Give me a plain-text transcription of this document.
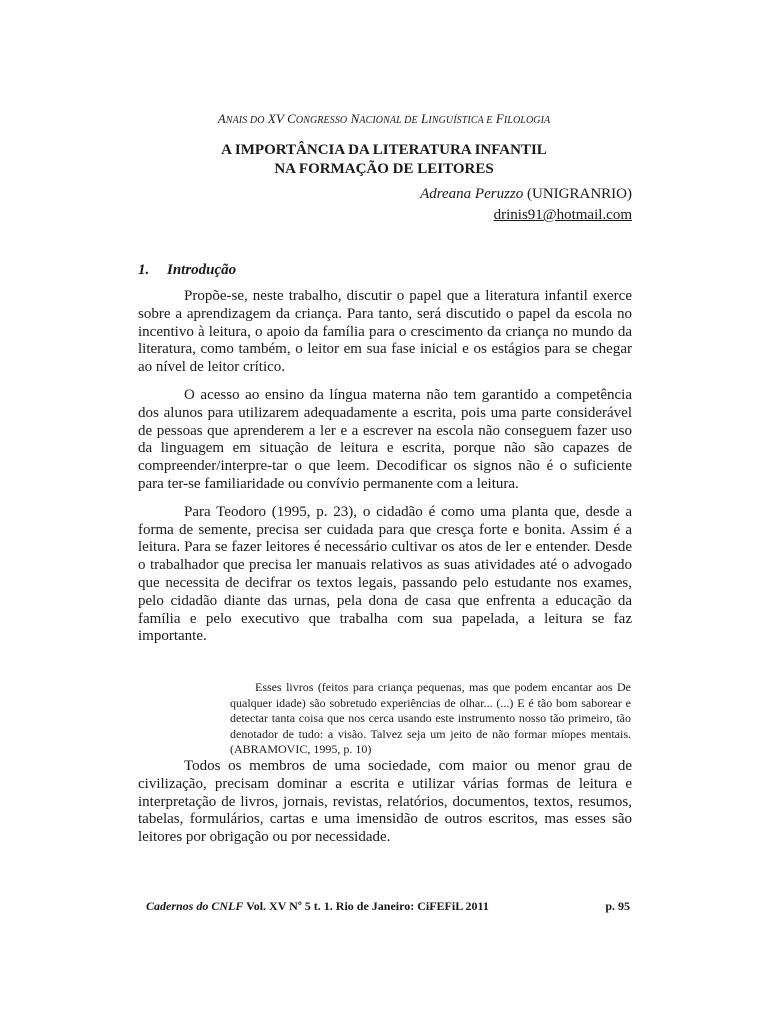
ANAIS DO XV CONGRESSO NACIONAL DE LINGUÍSTICA E FILOLOGIA
A IMPORTÂNCIA DA LITERATURA INFANTIL
NA FORMAÇÃO DE LEITORES
Adreana Peruzzo (UNIGRANRIO)
drinis91@hotmail.com
1. Introdução

Propõe-se, neste trabalho, discutir o papel que a literatura infantil exerce sobre a aprendizagem da criança. Para tanto, será discutido o papel da escola no incentivo à leitura, o apoio da família para o crescimento da criança no mundo da literatura, como também, o leitor em sua fase inicial e os estágios para se chegar ao nível de leitor crítico.

O acesso ao ensino da língua materna não tem garantido a competência dos alunos para utilizarem adequadamente a escrita, pois uma parte considerável de pessoas que aprenderem a ler e a escrever na escola não conseguem fazer uso da linguagem em situação de leitura e escrita, porque não são capazes de compreender/interpre-tar o que leem. Decodificar os signos não é o suficiente para ter-se familiaridade ou convívio permanente com a leitura.

Para Teodoro (1995, p. 23), o cidadão é como uma planta que, desde a forma de semente, precisa ser cuidada para que cresça forte e bonita. Assim é a leitura. Para se fazer leitores é necessário cultivar os atos de ler e entender. Desde o trabalhador que precisa ler manuais relativos as suas atividades até o advogado que necessita de decifrar os textos legais, passando pelo estudante nos exames, pelo cidadão diante das urnas, pela dona de casa que enfrenta a educação da família e pelo executivo que trabalha com sua papelada, a leitura se faz importante.

Esses livros (feitos para criança pequenas, mas que podem encantar aos De qualquer idade) são sobretudo experiências de olhar... (...) E é tão bom saborear e detectar tanta coisa que nos cerca usando este instrumento nosso tão primeiro, tão denotador de tudo: a visão. Talvez seja um jeito de não formar míopes mentais. (ABRAMOVIC, 1995, p. 10)

Todos os membros de uma sociedade, com maior ou menor grau de civilização, precisam dominar a escrita e utilizar várias formas de leitura e interpretação de livros, jornais, revistas, relatórios, documentos, textos, resumos, tabelas, formulários, cartas e uma imensidão de outros escritos, mas esses são leitores por obrigação ou por necessidade.

Cadernos do CNLF Vol. XV Nº 5 t. 1. Rio de Janeiro: CiFEFiL 2011	p. 95
